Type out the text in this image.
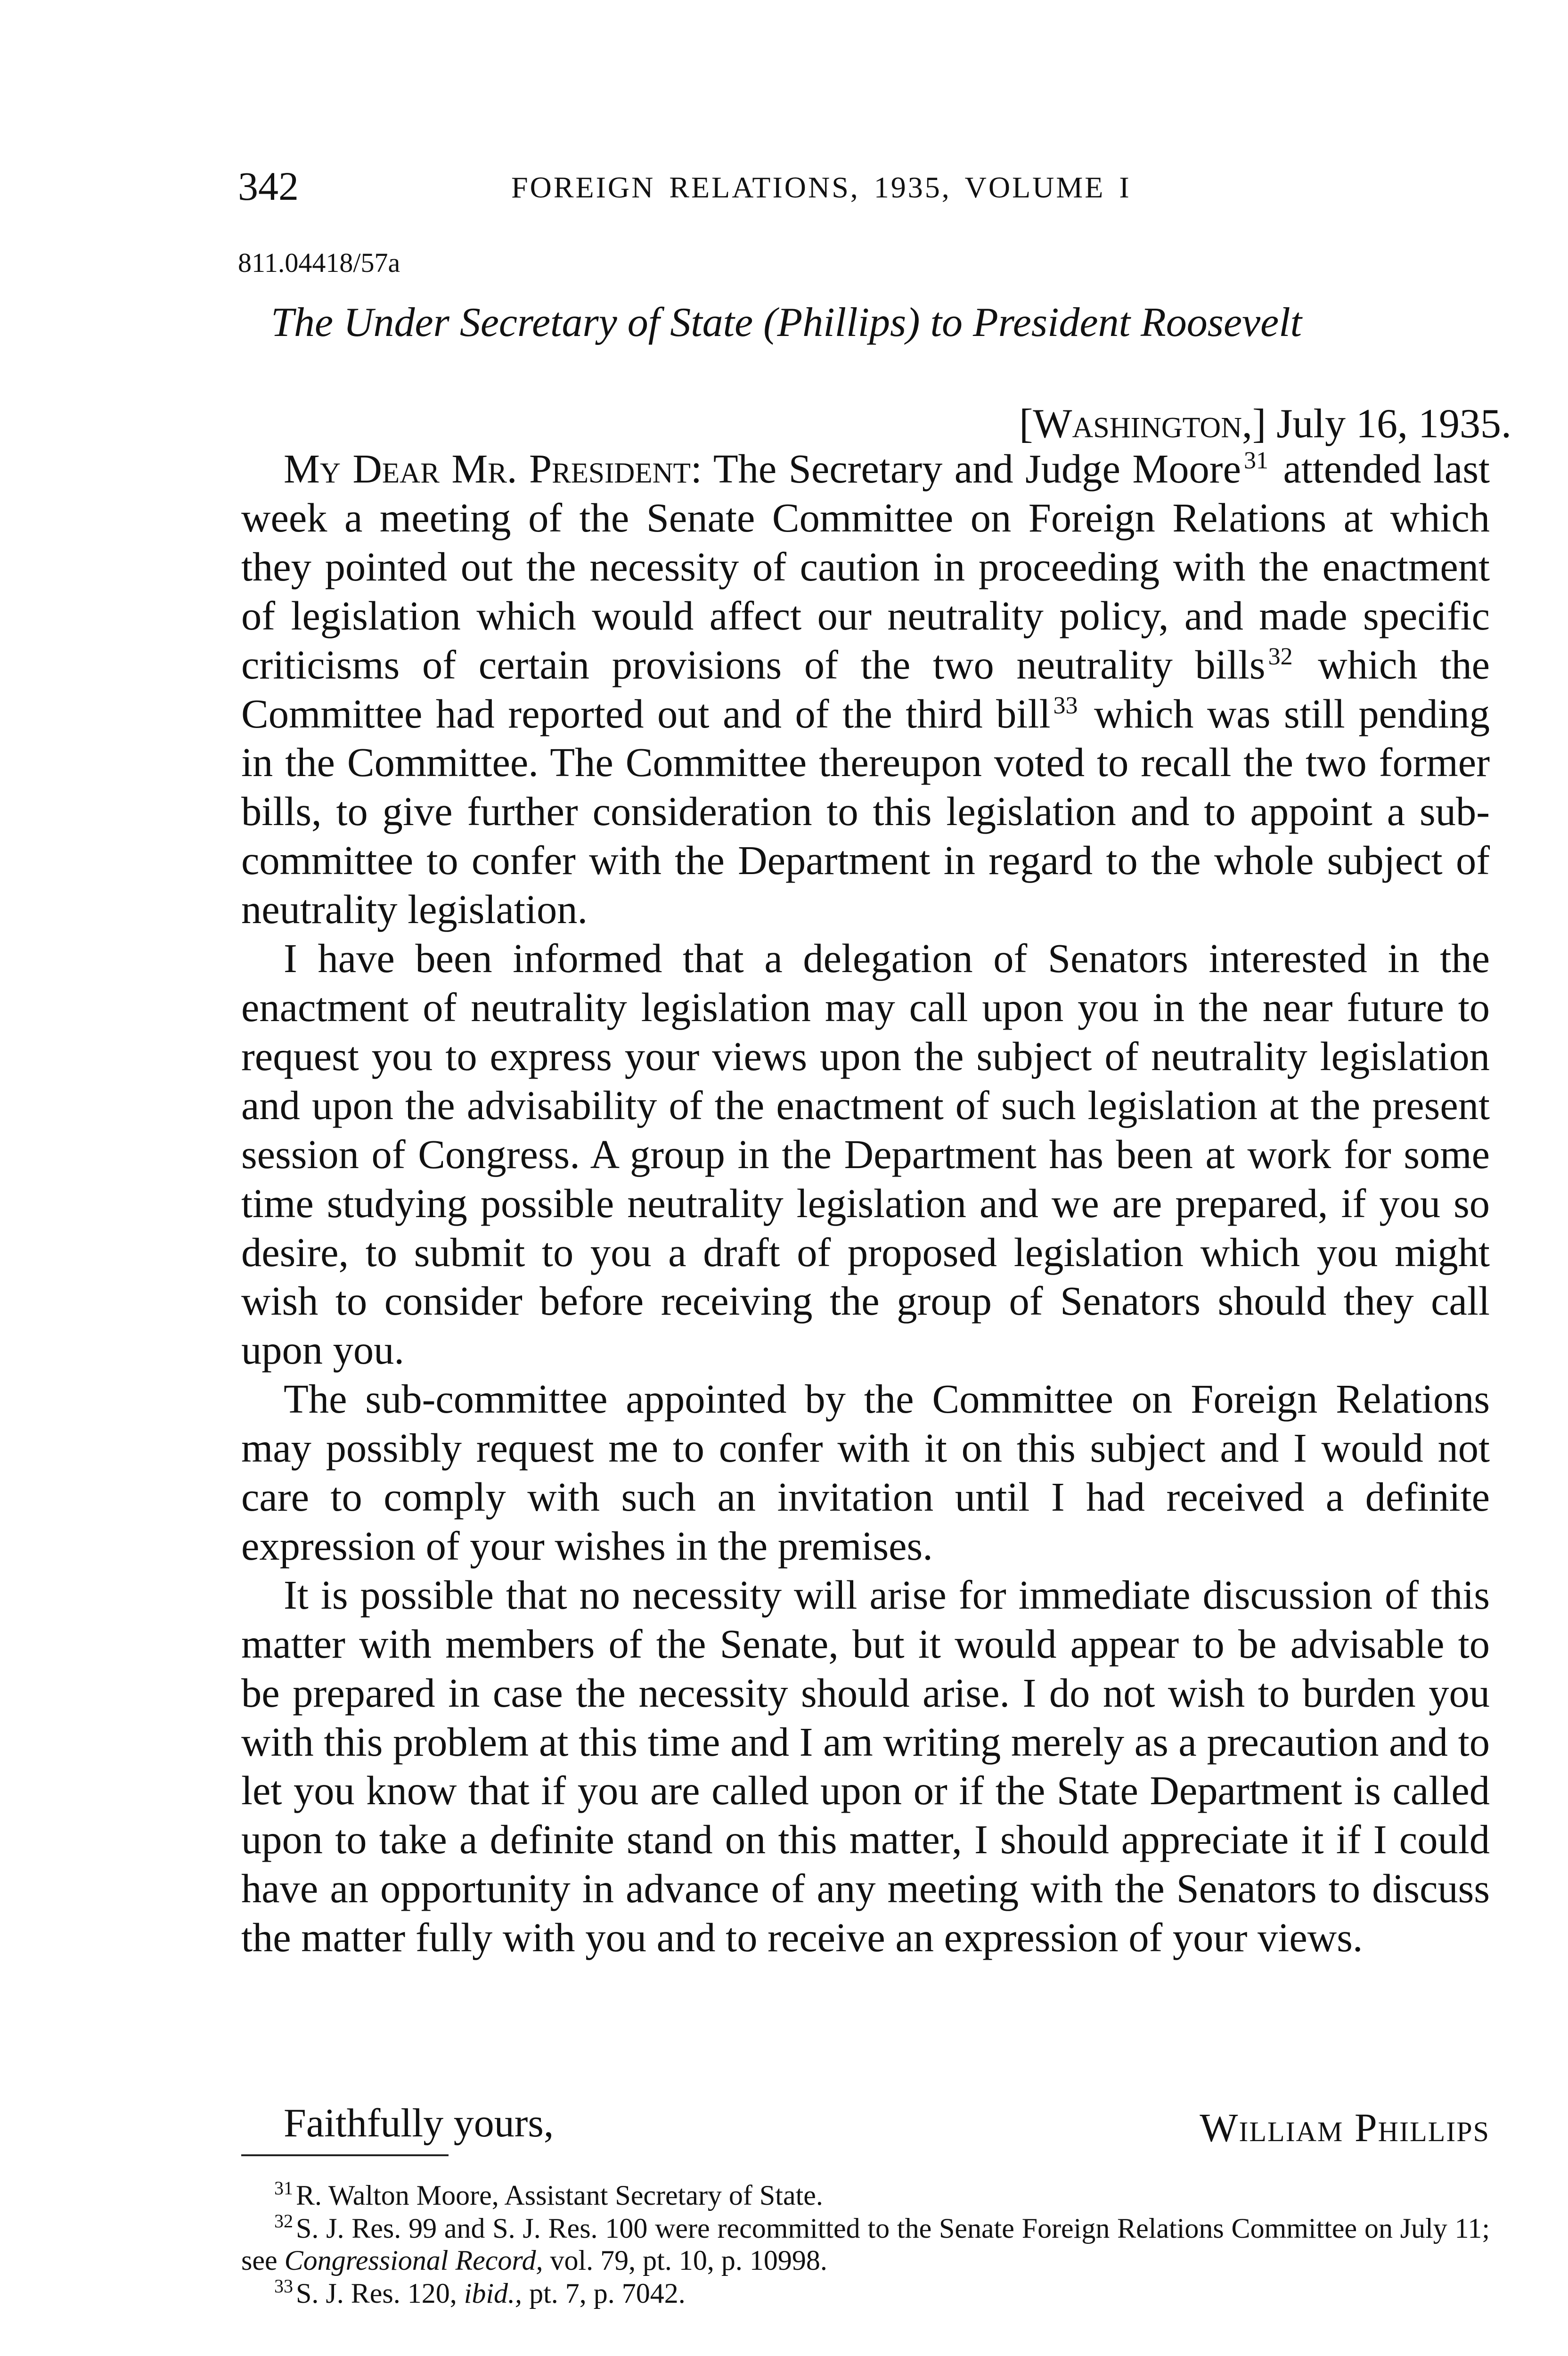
342	FOREIGN RELATIONS, 1935, VOLUME I
811.04418/57a
The Under Secretary of State (Phillips) to President Roosevelt
[Washington,] July 16, 1935.

My Dear Mr. President: The Secretary and Judge Moore $^{31}$ attended last week a meeting of the Senate Committee on Foreign Relations at which they pointed out the necessity of caution in proceeding with the enactment of legislation which would affect our neutrality policy, and made specific criticisms of certain provisions of the two neutrality bills $^{32}$ which the Committee had reported out and of the third bill $^{33}$ which was still pending in the Committee. The Committee thereupon voted to recall the two former bills, to give further consideration to this legislation and to appoint a sub-committee to confer with the Department in regard to the whole subject of neutrality legislation.

I have been informed that a delegation of Senators interested in the enactment of neutrality legislation may call upon you in the near future to request you to express your views upon the subject of neutrality legislation and upon the advisability of the enactment of such legislation at the present session of Congress. A group in the Department has been at work for some time studying possible neutrality legislation and we are prepared, if you so desire, to submit to you a draft of proposed legislation which you might wish to consider before receiving the group of Senators should they call upon you.

The sub-committee appointed by the Committee on Foreign Relations may possibly request me to confer with it on this subject and I would not care to comply with such an invitation until I had received a definite expression of your wishes in the premises.

It is possible that no necessity will arise for immediate discussion of this matter with members of the Senate, but it would appear to be advisable to be prepared in case the necessity should arise. I do not wish to burden you with this problem at this time and I am writing merely as a precaution and to let you know that if you are called upon or if the State Department is called upon to take a definite stand on this matter, I should appreciate it if I could have an opportunity in advance of any meeting with the Senators to discuss the matter fully with you and to receive an expression of your views.

Faithfully yours,	William Phillips
$^{31}$ R. Walton Moore, Assistant Secretary of State.
$^{32}$ S. J. Res. 99 and S. J. Res. 100 were recommitted to the Senate Foreign Relations Committee on July 11; see Congressional Record, vol. 79, pt. 10, p. 10998.
$^{33}$ S. J. Res. 120, ibid., pt. 7, p. 7042.
